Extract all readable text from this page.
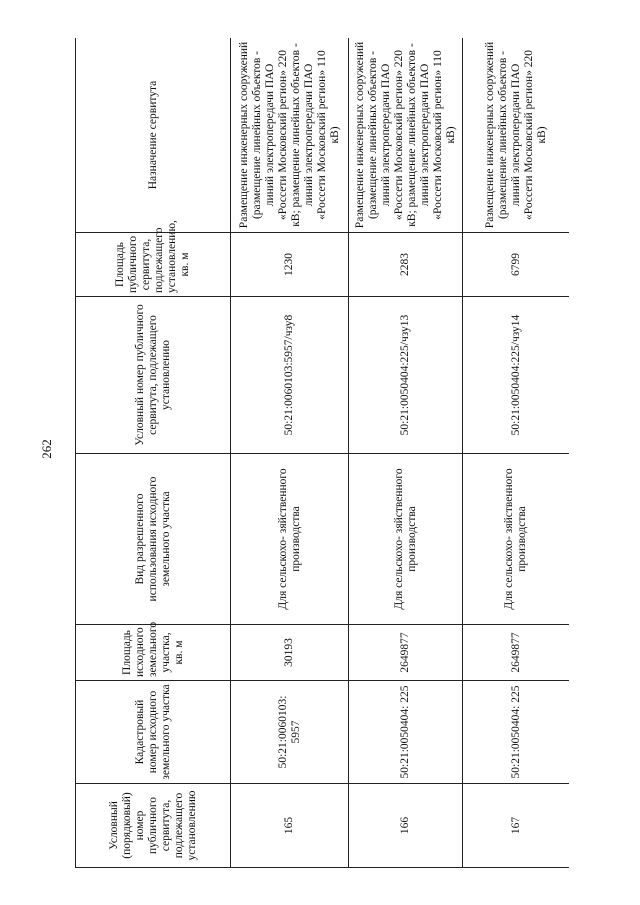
262
Условный (порядковый) номер публичного сервитута, подлежащего установлению	Кадастровый номер исходного земельного участка	Площадь исходного земельного участка, кв. м	Вид разрешенного использования исходного земельного участка	Условный номер публичного сервитута, подлежащего установлению	Площадь публичного сервитута, подлежащего установлению, кв. м	Назначение сервитута
165	50:21:0060103: 5957	30193	Для сельскохо- зяйственного производства	50:21:0060103:5957/чзу8	1230	Размещение инженерных сооружений (размещение линейных объектов - линий электропередачи ПАО «Россети Московский регион» 220 кВ; размещение линейных объектов - линий электропередачи ПАО «Россети Московский регион» 110 кВ)
166	50:21:0050404: 225	2649877	Для сельскохо- зяйственного производства	50:21:0050404:225/чзу13	2283	Размещение инженерных сооружений (размещение линейных объектов - линий электропередачи ПАО «Россети Московский регион» 220 кВ; размещение линейных объектов - линий электропередачи ПАО «Россети Московский регион» 110 кВ)
167	50:21:0050404: 225	2649877	Для сельскохо- зяйственного производства	50:21:0050404:225/чзу14	6799	Размещение инженерных сооружений (размещение линейных объектов - линий электропередачи ПАО «Россети Московский регион» 220 кВ)
